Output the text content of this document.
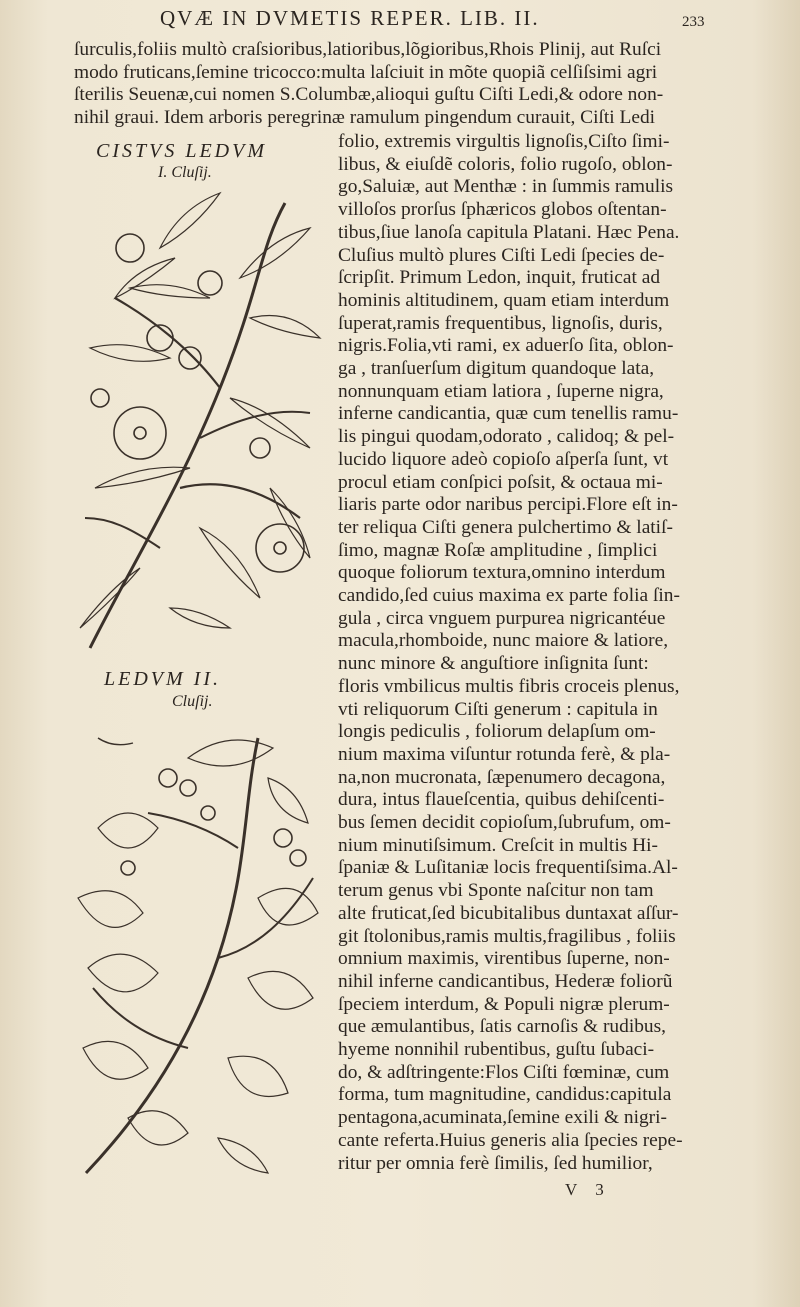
QVÆ IN DVMETIS REPER. LIB. II.	233
ſurculis,foliis multò craſsioribus,latioribus,lõgioribus,Rhois Plinij, aut Ruſci
modo fruticans,ſemine tricocco:multa laſciuit in mõte quopiã celſiſsimi agri
ſterilis Seuenæ,cui nomen S.Columbæ,alioqui guſtu Ciſti Ledi,& odore non-
nihil graui. Idem arboris peregrinæ ramulum pingendum curauit, Ciſti Ledi
CISTVS LEDVM
I. Cluſij.
LEDVM II.
Cluſij.
folio, extremis virgultis lignoſis,Ciſto ſimi-
libus, & eiuſdẽ coloris, folio rugoſo, oblon-
go,Saluiæ, aut Menthæ : in ſummis ramulis
villoſos prorſus ſphæricos globos oſtentan-
tibus,ſiue lanoſa capitula Platani. Hæc Pena.
Cluſius multò plures Ciſti Ledi ſpecies de-
ſcripſit. Primum Ledon, inquit, fruticat ad
hominis altitudinem, quam etiam interdum
ſuperat,ramis frequentibus, lignoſis, duris,
nigris.Folia,vti rami, ex aduerſo ſita, oblon-
ga , tranſuerſum digitum quandoque lata,
nonnunquam etiam latiora , ſuperne nigra,
inferne candicantia, quæ cum tenellis ramu-
lis pingui quodam,odorato , calidoq; & pel-
lucido liquore adeò copioſo aſperſa ſunt, vt
procul etiam conſpici poſsit, & octaua mi-
liaris parte odor naribus percipi.Flore eſt in-
ter reliqua Ciſti genera pulchertimo & latiſ-
ſimo, magnæ Roſæ amplitudine , ſimplici
quoque foliorum textura,omnino interdum
candido,ſed cuius maxima ex parte folia ſin-
gula , circa vnguem purpurea nigricantéue
macula,rhomboide, nunc maiore & latiore,
nunc minore & anguſtiore inſignita ſunt:
floris vmbilicus multis fibris croceis plenus,
vti reliquorum Ciſti generum : capitula in
longis pediculis , foliorum delapſum om-
nium maxima viſuntur rotunda ferè, & pla-
na,non mucronata, ſæpenumero decagona,
dura, intus flaueſcentia, quibus dehiſcenti-
bus ſemen decidit copioſum,ſubrufum, om-
nium minutiſsimum. Creſcit in multis Hi-
ſpaniæ & Luſitaniæ locis frequentiſsima.Al-
terum genus vbi Sponte naſcitur non tam
alte fruticat,ſed bicubitalibus duntaxat aſſur-
git ſtolonibus,ramis multis,fragilibus , foliis
omnium maximis, virentibus ſuperne, non-
nihil inferne candicantibus, Hederæ foliorũ
ſpeciem interdum, & Populi nigræ plerum-
que æmulantibus, ſatis carnoſis & rudibus,
hyeme nonnihil rubentibus, guſtu ſubaci-
do, & adſtringente:Flos Ciſti fœminæ, cum
forma, tum magnitudine, candidus:capitula
pentagona,acuminata,ſemine exili & nigri-
cante referta.Huius generis alia ſpecies repe-
ritur per omnia ferè ſimilis, ſed humilior,
V 3
